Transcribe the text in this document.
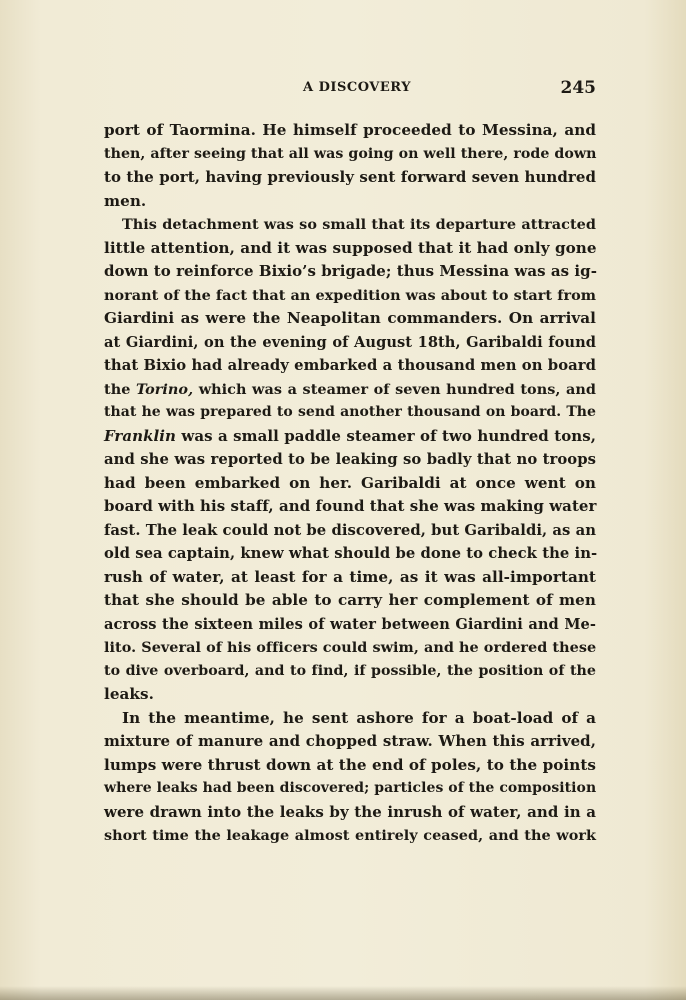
A DISCOVERY	245
port of Taormina. He himself proceeded to Messina, and
then, after seeing that all was going on well there, rode down
to the port, having previously sent forward seven hundred
men.
This detachment was so small that its departure attracted
little attention, and it was supposed that it had only gone
down to reinforce Bixio’s brigade; thus Messina was as ig-
norant of the fact that an expedition was about to start from
Giardini as were the Neapolitan commanders. On arrival
at Giardini, on the evening of August 18th, Garibaldi found
that Bixio had already embarked a thousand men on board
the Torino, which was a steamer of seven hundred tons, and
that he was prepared to send another thousand on board. The
Franklin was a small paddle steamer of two hundred tons,
and she was reported to be leaking so badly that no troops
had been embarked on her. Garibaldi at once went on
board with his staff, and found that she was making water
fast. The leak could not be discovered, but Garibaldi, as an
old sea captain, knew what should be done to check the in-
rush of water, at least for a time, as it was all-important
that she should be able to carry her complement of men
across the sixteen miles of water between Giardini and Me-
lito. Several of his officers could swim, and he ordered these
to dive overboard, and to find, if possible, the position of the
leaks.
In the meantime, he sent ashore for a boat-load of a
mixture of manure and chopped straw. When this arrived,
lumps were thrust down at the end of poles, to the points
where leaks had been discovered; particles of the composition
were drawn into the leaks by the inrush of water, and in a
short time the leakage almost entirely ceased, and the work
